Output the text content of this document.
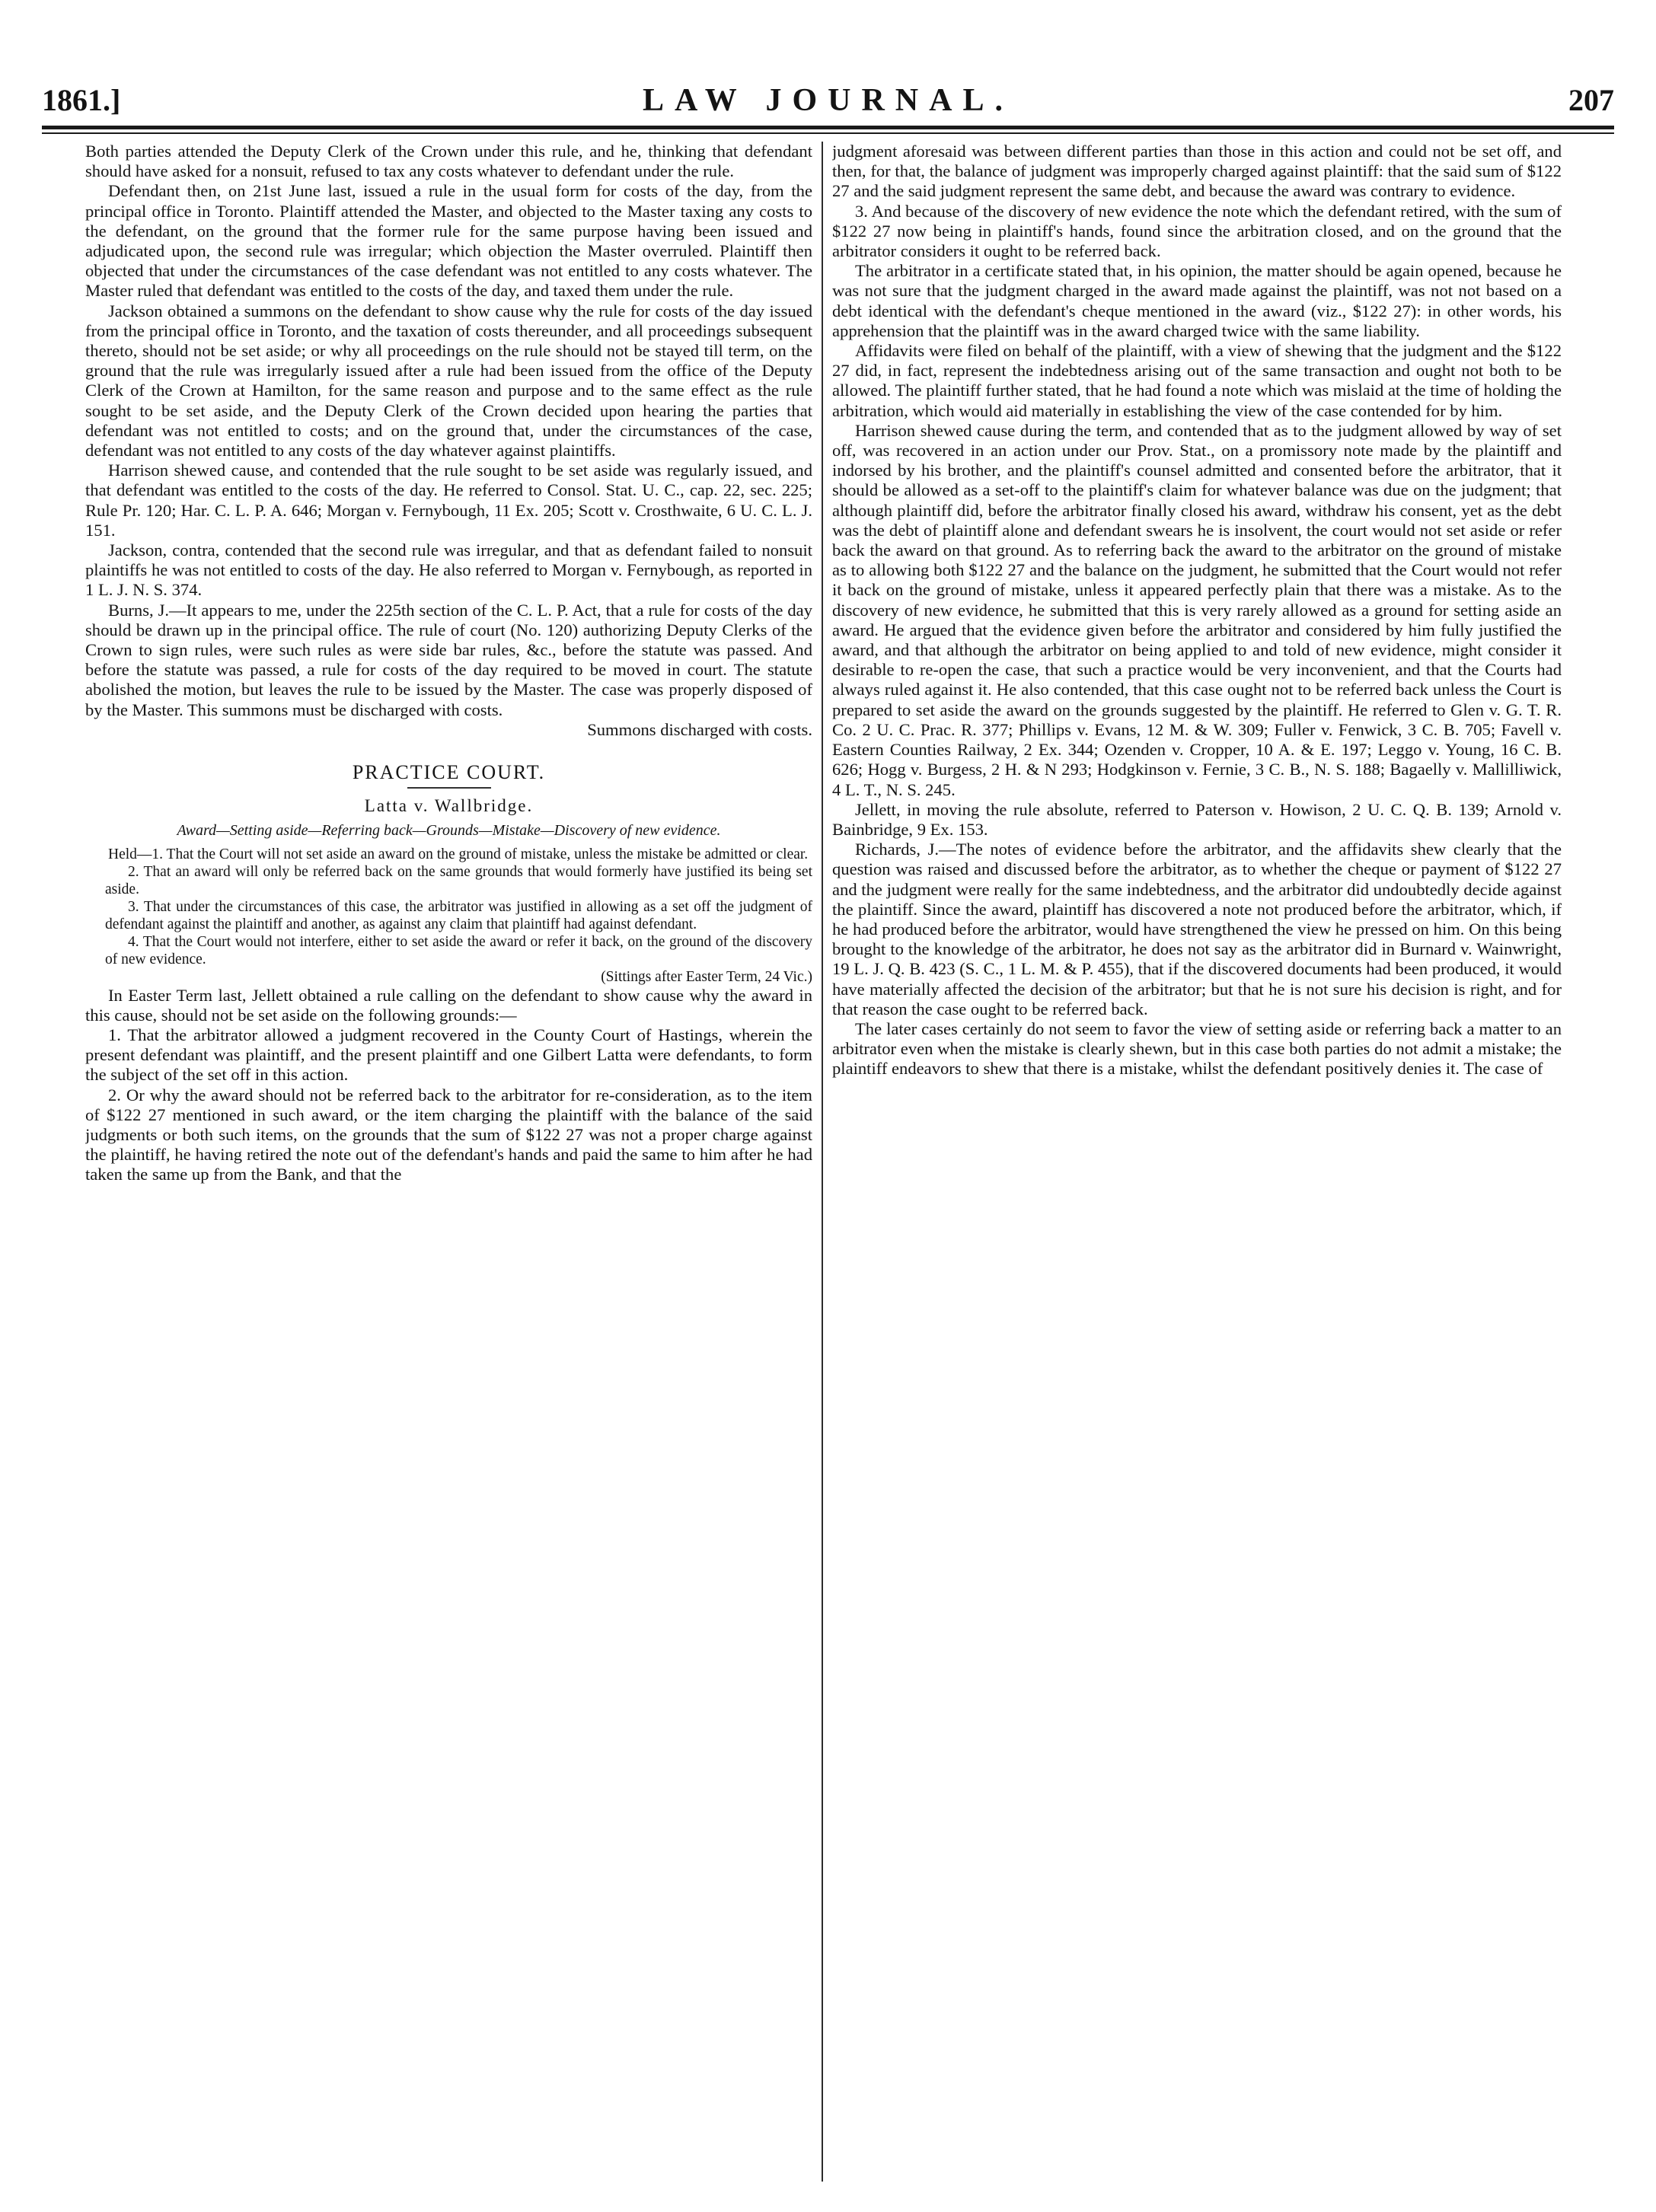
1861.]	LAW JOURNAL.	207

Both parties attended the Deputy Clerk of the Crown under this rule, and he, thinking that defendant should have asked for a nonsuit, refused to tax any costs whatever to defendant under the rule.

Defendant then, on 21st June last, issued a rule in the usual form for costs of the day, from the principal office in Toronto. Plaintiff attended the Master, and objected to the Master taxing any costs to the defendant, on the ground that the former rule for the same purpose having been issued and adjudicated upon, the second rule was irregular; which objection the Master overruled. Plaintiff then objected that under the circumstances of the case defendant was not entitled to any costs whatever. The Master ruled that defendant was entitled to the costs of the day, and taxed them under the rule.

Jackson obtained a summons on the defendant to show cause why the rule for costs of the day issued from the principal office in Toronto, and the taxation of costs thereunder, and all proceedings subsequent thereto, should not be set aside; or why all proceedings on the rule should not be stayed till term, on the ground that the rule was irregularly issued after a rule had been issued from the office of the Deputy Clerk of the Crown at Hamilton, for the same reason and purpose and to the same effect as the rule sought to be set aside, and the Deputy Clerk of the Crown decided upon hearing the parties that defendant was not entitled to costs; and on the ground that, under the circumstances of the case, defendant was not entitled to any costs of the day whatever against plaintiffs.

Harrison shewed cause, and contended that the rule sought to be set aside was regularly issued, and that defendant was entitled to the costs of the day. He referred to Consol. Stat. U. C., cap. 22, sec. 225; Rule Pr. 120; Har. C. L. P. A. 646; Morgan v. Fernybough, 11 Ex. 205; Scott v. Crosthwaite, 6 U. C. L. J. 151.

Jackson, contra, contended that the second rule was irregular, and that as defendant failed to nonsuit plaintiffs he was not entitled to costs of the day. He also referred to Morgan v. Fernybough, as reported in 1 L. J. N. S. 374.

Burns, J.—It appears to me, under the 225th section of the C. L. P. Act, that a rule for costs of the day should be drawn up in the principal office. The rule of court (No. 120) authorizing Deputy Clerks of the Crown to sign rules, were such rules as were side bar rules, &c., before the statute was passed. And before the statute was passed, a rule for costs of the day required to be moved in court. The statute abolished the motion, but leaves the rule to be issued by the Master. The case was properly disposed of by the Master. This summons must be discharged with costs.

Summons discharged with costs.

PRACTICE COURT.
Latta v. Wallbridge.
Award—Setting aside—Referring back—Grounds—Mistake—Discovery of new evidence.

Held—1. That the Court will not set aside an award on the ground of mistake, unless the mistake be admitted or clear.

2. That an award will only be referred back on the same grounds that would formerly have justified its being set aside.

3. That under the circumstances of this case, the arbitrator was justified in allowing as a set off the judgment of defendant against the plaintiff and another, as against any claim that plaintiff had against defendant.

4. That the Court would not interfere, either to set aside the award or refer it back, on the ground of the discovery of new evidence.

(Sittings after Easter Term, 24 Vic.)

In Easter Term last, Jellett obtained a rule calling on the defendant to show cause why the award in this cause, should not be set aside on the following grounds:—

1. That the arbitrator allowed a judgment recovered in the County Court of Hastings, wherein the present defendant was plaintiff, and the present plaintiff and one Gilbert Latta were defendants, to form the subject of the set off in this action.

2. Or why the award should not be referred back to the arbitrator for re-consideration, as to the item of $122 27 mentioned in such award, or the item charging the plaintiff with the balance of the said judgments or both such items, on the grounds that the sum of $122 27 was not a proper charge against the plaintiff, he having retired the note out of the defendant's hands and paid the same to him after he had taken the same up from the Bank, and that the

judgment aforesaid was between different parties than those in this action and could not be set off, and then, for that, the balance of judgment was improperly charged against plaintiff: that the said sum of $122 27 and the said judgment represent the same debt, and because the award was contrary to evidence.

3. And because of the discovery of new evidence the note which the defendant retired, with the sum of $122 27 now being in plaintiff's hands, found since the arbitration closed, and on the ground that the arbitrator considers it ought to be referred back.

The arbitrator in a certificate stated that, in his opinion, the matter should be again opened, because he was not sure that the judgment charged in the award made against the plaintiff, was not not based on a debt identical with the defendant's cheque mentioned in the award (viz., $122 27): in other words, his apprehension that the plaintiff was in the award charged twice with the same liability.

Affidavits were filed on behalf of the plaintiff, with a view of shewing that the judgment and the $122 27 did, in fact, represent the indebtedness arising out of the same transaction and ought not both to be allowed. The plaintiff further stated, that he had found a note which was mislaid at the time of holding the arbitration, which would aid materially in establishing the view of the case contended for by him.

Harrison shewed cause during the term, and contended that as to the judgment allowed by way of set off, was recovered in an action under our Prov. Stat., on a promissory note made by the plaintiff and indorsed by his brother, and the plaintiff's counsel admitted and consented before the arbitrator, that it should be allowed as a set-off to the plaintiff's claim for whatever balance was due on the judgment; that although plaintiff did, before the arbitrator finally closed his award, withdraw his consent, yet as the debt was the debt of plaintiff alone and defendant swears he is insolvent, the court would not set aside or refer back the award on that ground. As to referring back the award to the arbitrator on the ground of mistake as to allowing both $122 27 and the balance on the judgment, he submitted that the Court would not refer it back on the ground of mistake, unless it appeared perfectly plain that there was a mistake. As to the discovery of new evidence, he submitted that this is very rarely allowed as a ground for setting aside an award. He argued that the evidence given before the arbitrator and considered by him fully justified the award, and that although the arbitrator on being applied to and told of new evidence, might consider it desirable to re-open the case, that such a practice would be very inconvenient, and that the Courts had always ruled against it. He also contended, that this case ought not to be referred back unless the Court is prepared to set aside the award on the grounds suggested by the plaintiff. He referred to Glen v. G. T. R. Co. 2 U. C. Prac. R. 377; Phillips v. Evans, 12 M. & W. 309; Fuller v. Fenwick, 3 C. B. 705; Favell v. Eastern Counties Railway, 2 Ex. 344; Ozenden v. Cropper, 10 A. & E. 197; Leggo v. Young, 16 C. B. 626; Hogg v. Burgess, 2 H. & N 293; Hodgkinson v. Fernie, 3 C. B., N. S. 188; Bagaelly v. Mallilliwick, 4 L. T., N. S. 245.

Jellett, in moving the rule absolute, referred to Paterson v. Howison, 2 U. C. Q. B. 139; Arnold v. Bainbridge, 9 Ex. 153.

Richards, J.—The notes of evidence before the arbitrator, and the affidavits shew clearly that the question was raised and discussed before the arbitrator, as to whether the cheque or payment of $122 27 and the judgment were really for the same indebtedness, and the arbitrator did undoubtedly decide against the plaintiff. Since the award, plaintiff has discovered a note not produced before the arbitrator, which, if he had produced before the arbitrator, would have strengthened the view he pressed on him. On this being brought to the knowledge of the arbitrator, he does not say as the arbitrator did in Burnard v. Wainwright, 19 L. J. Q. B. 423 (S. C., 1 L. M. & P. 455), that if the discovered documents had been produced, it would have materially affected the decision of the arbitrator; but that he is not sure his decision is right, and for that reason the case ought to be referred back.

The later cases certainly do not seem to favor the view of setting aside or referring back a matter to an arbitrator even when the mistake is clearly shewn, but in this case both parties do not admit a mistake; the plaintiff endeavors to shew that there is a mistake, whilst the defendant positively denies it. The case of
